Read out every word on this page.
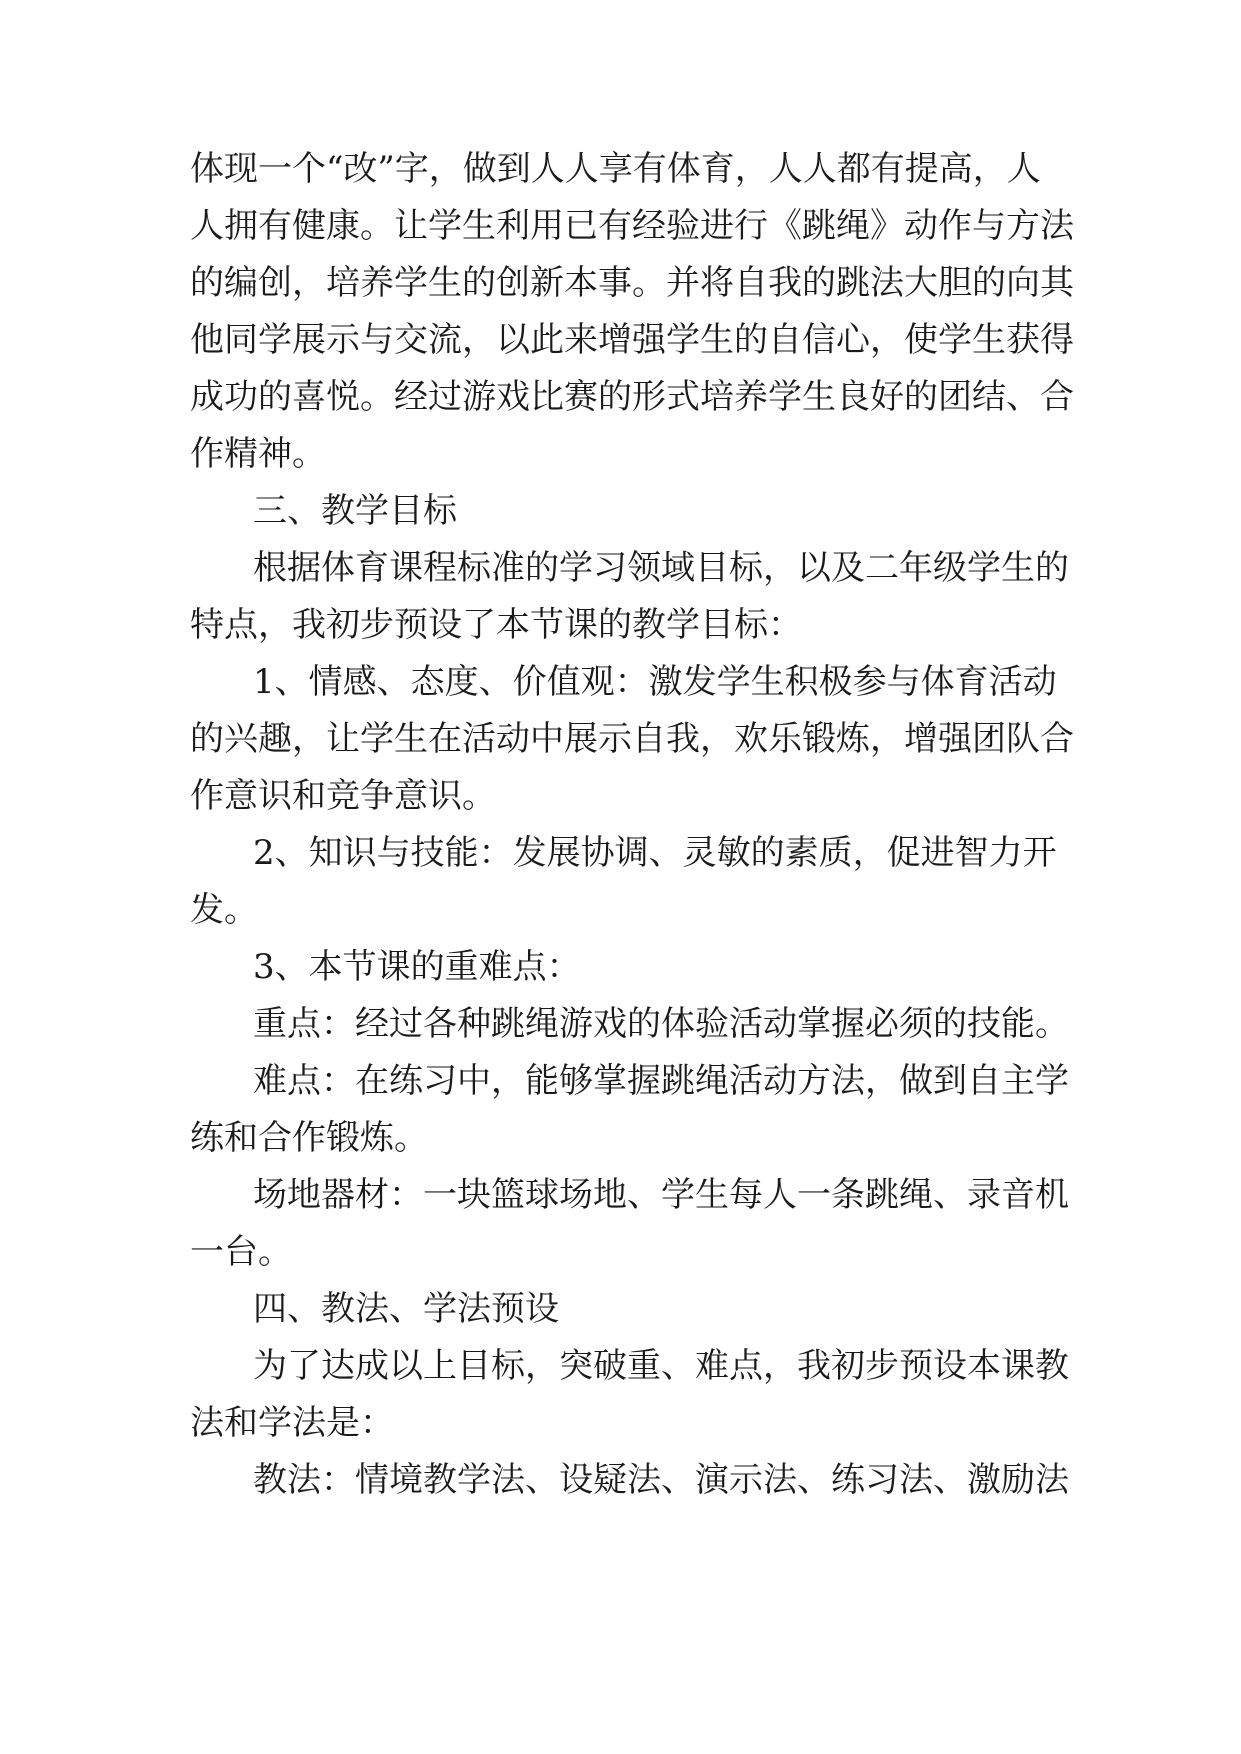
体现一个“改”字，做到人人享有体育，人人都有提高，人
人拥有健康。让学生利用已有经验进行《跳绳》动作与方法
的编创，培养学生的创新本事。并将自我的跳法大胆的向其
他同学展示与交流，以此来增强学生的自信心，使学生获得
成功的喜悦。经过游戏比赛的形式培养学生良好的团结、合
作精神。
三、教学目标
根据体育课程标准的学习领域目标，以及二年级学生的
特点，我初步预设了本节课的教学目标：
1、情感、态度、价值观：激发学生积极参与体育活动
的兴趣，让学生在活动中展示自我，欢乐锻炼，增强团队合
作意识和竞争意识。
2、知识与技能：发展协调、灵敏的素质，促进智力开
发。
3、本节课的重难点：
重点：经过各种跳绳游戏的体验活动掌握必须的技能。
难点：在练习中，能够掌握跳绳活动方法，做到自主学
练和合作锻炼。
场地器材：一块篮球场地、学生每人一条跳绳、录音机
一台。
四、教法、学法预设
为了达成以上目标，突破重、难点，我初步预设本课教
法和学法是：
教法：情境教学法、设疑法、演示法、练习法、激励法
